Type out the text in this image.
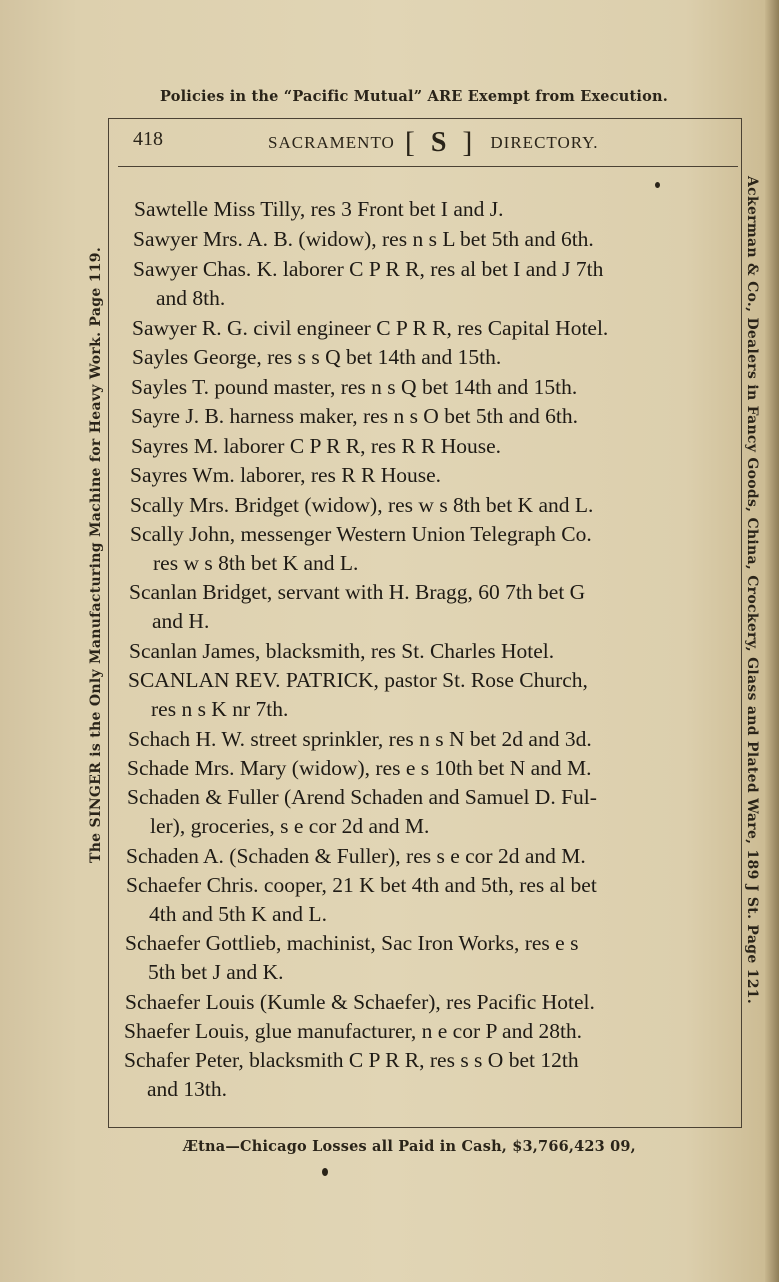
Policies in the “Pacific Mutual” ARE Exempt from Execution.
418	SACRAMENTO [ S ] DIRECTORY.
Sawtelle Miss Tilly, res 3 Front bet I and J.
Sawyer Mrs. A. B. (widow), res n s L bet 5th and 6th.
Sawyer Chas. K. laborer C P R R, res al bet I and J 7th
and 8th.
Sawyer R. G. civil engineer C P R R, res Capital Hotel.
Sayles George, res s s Q bet 14th and 15th.
Sayles T. pound master, res n s Q bet 14th and 15th.
Sayre J. B. harness maker, res n s O bet 5th and 6th.
Sayres M. laborer C P R R, res R R House.
Sayres Wm. laborer, res R R House.
Scally Mrs. Bridget (widow), res w s 8th bet K and L.
Scally John, messenger Western Union Telegraph Co.
res w s 8th bet K and L.
Scanlan Bridget, servant with H. Bragg, 60 7th bet G
and H.
Scanlan James, blacksmith, res St. Charles Hotel.
SCANLAN REV. PATRICK, pastor St. Rose Church,
res n s K nr 7th.
Schach H. W. street sprinkler, res n s N bet 2d and 3d.
Schade Mrs. Mary (widow), res e s 10th bet N and M.
Schaden & Fuller (Arend Schaden and Samuel D. Ful-
ler), groceries, s e cor 2d and M.
Schaden A. (Schaden & Fuller), res s e cor 2d and M.
Schaefer Chris. cooper, 21 K bet 4th and 5th, res al bet
4th and 5th K and L.
Schaefer Gottlieb, machinist, Sac Iron Works, res e s
5th bet J and K.
Schaefer Louis (Kumle & Schaefer), res Pacific Hotel.
Shaefer Louis, glue manufacturer, n e cor P and 28th.
Schafer Peter, blacksmith C P R R, res s s O bet 12th
and 13th.
The SINGER is the Only Manufacturing Machine for Heavy Work. Page 119.	Ackerman & Co., Dealers in Fancy Goods, China, Crockery, Glass and Plated Ware, 189 J St. Page 121.
Ætna—Chicago Losses all Paid in Cash, $3,766,423 09,
